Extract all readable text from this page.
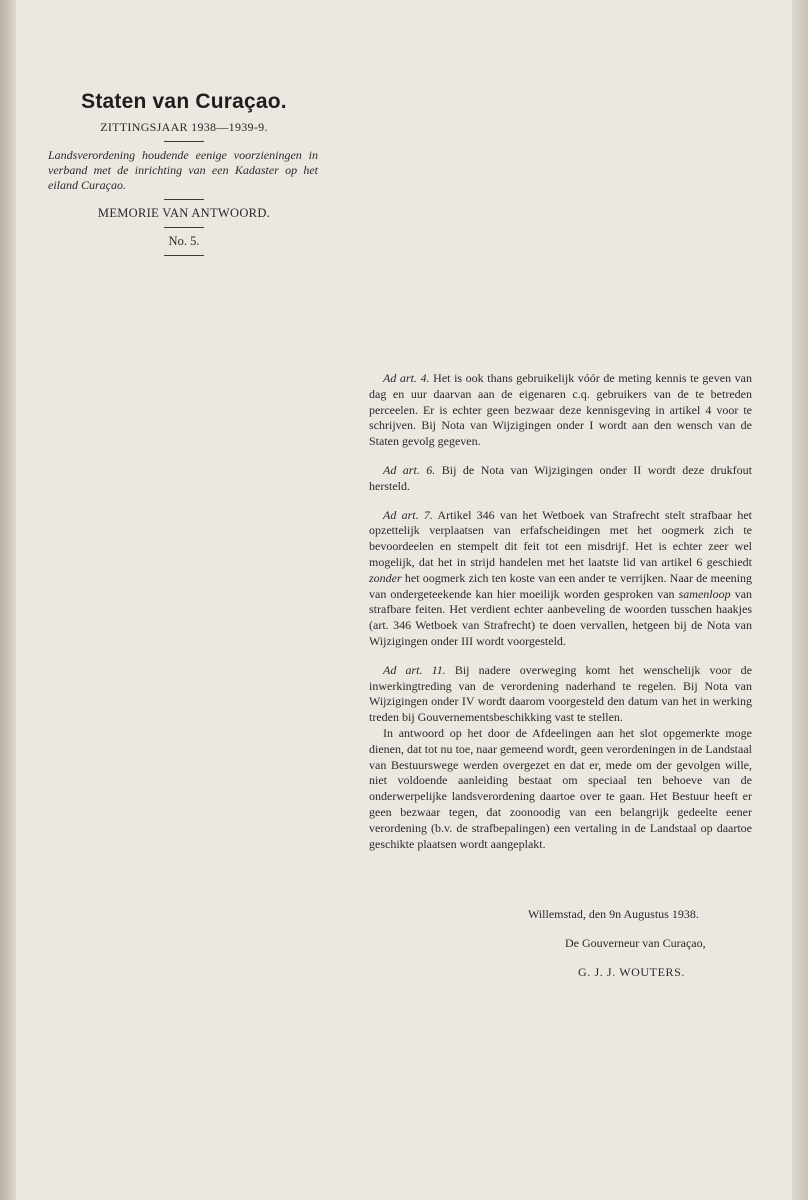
Staten van Curaçao.
ZITTINGSJAAR 1938—1939-9.
Landsverordening houdende eenige voorzieningen in verband met de inrichting van een Kadaster op het eiland Curaçao.
MEMORIE VAN ANTWOORD.
No. 5.

Ad art. 4. Het is ook thans gebruikelijk vóór de meting kennis te geven van dag en uur daarvan aan de eigenaren c.q. gebruikers van de te betreden perceelen. Er is echter geen bezwaar deze kennisgeving in artikel 4 voor te schrijven. Bij Nota van Wijzigingen onder I wordt aan den wensch van de Staten gevolg gegeven.

Ad art. 6. Bij de Nota van Wijzigingen onder II wordt deze drukfout hersteld.

Ad art. 7. Artikel 346 van het Wetboek van Strafrecht stelt strafbaar het opzettelijk verplaatsen van erfafscheidingen met het oogmerk zich te bevoordeelen en stempelt dit feit tot een misdrijf. Het is echter zeer wel mogelijk, dat het in strijd handelen met het laatste lid van artikel 6 geschiedt zonder het oogmerk zich ten koste van een ander te verrijken. Naar de meening van ondergeteekende kan hier moeilijk worden gesproken van samenloop van strafbare feiten. Het verdient echter aanbeveling de woorden tusschen haakjes (art. 346 Wetboek van Strafrecht) te doen vervallen, hetgeen bij de Nota van Wijzigingen onder III wordt voorgesteld.

Ad art. 11. Bij nadere overweging komt het wenschelijk voor de inwerkingtreding van de verordening naderhand te regelen. Bij Nota van Wijzigingen onder IV wordt daarom voorgesteld den datum van het in werking treden bij Gouvernementsbeschikking vast te stellen.

In antwoord op het door de Afdeelingen aan het slot opgemerkte moge dienen, dat tot nu toe, naar gemeend wordt, geen verordeningen in de Landstaal van Bestuurswege werden overgezet en dat er, mede om der gevolgen wille, niet voldoende aanleiding bestaat om speciaal ten behoeve van de onderwerpelijke landsverordening daartoe over te gaan. Het Bestuur heeft er geen bezwaar tegen, dat zoonoodig van een belangrijk gedeelte eener verordening (b.v. de strafbepalingen) een vertaling in de Landstaal op daartoe geschikte plaatsen wordt aangeplakt.

Willemstad, den 9n Augustus 1938.
De Gouverneur van Curaçao,
G. J. J. WOUTERS.
